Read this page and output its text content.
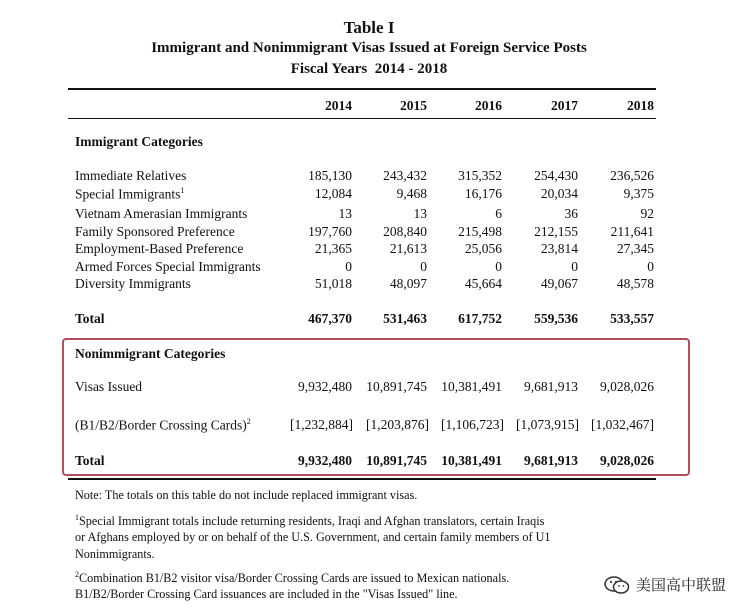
Table I
Immigrant and Nonimmigrant Visas Issued at Foreign Service Posts
Fiscal Years  2014 - 2018
2014	2015	2016	2017	2018
Immigrant Categories
Immediate Relatives	185,130 243,432 315,352 254,430 236,526
Special Immigrants$^1$	12,084	9,468	16,176	20,034	9,375
Vietnam Amerasian Immigrants	13	13	6	36	92
Family Sponsored Preference	197,760 208,840 215,498 212,155 211,641
Employment-Based Preference	21,365	21,613	25,056	23,814	27,345
Armed Forces Special Immigrants	0	0	0	0	0
Diversity Immigrants	51,018	48,097	45,664	49,067	48,578
Total	467,370 531,463 617,752 559,536 533,557
Nonimmigrant Categories
Visas Issued	9,932,480 10,891,745 10,381,491 9,681,913 9,028,026
(B1/B2/Border Crossing Cards)$^2$	[1,232,884] [1,203,876] [1,106,723] [1,073,915] [1,032,467]
Total	9,932,480 10,891,745 10,381,491 9,681,913 9,028,026
Note: The totals on this table do not include replaced immigrant visas.
$^1$Special Immigrant totals include returning residents, Iraqi and Afghan translators, certain Iraqis
or Afghans employed by or on behalf of the U.S. Government, and certain family members of U1
Nonimmigrants.
$^2$Combination B1/B2 visitor visa/Border Crossing Cards are issued to Mexican nationals.
B1/B2/Border Crossing Card issuances are included in the "Visas Issued" line.	美国高中联盟
